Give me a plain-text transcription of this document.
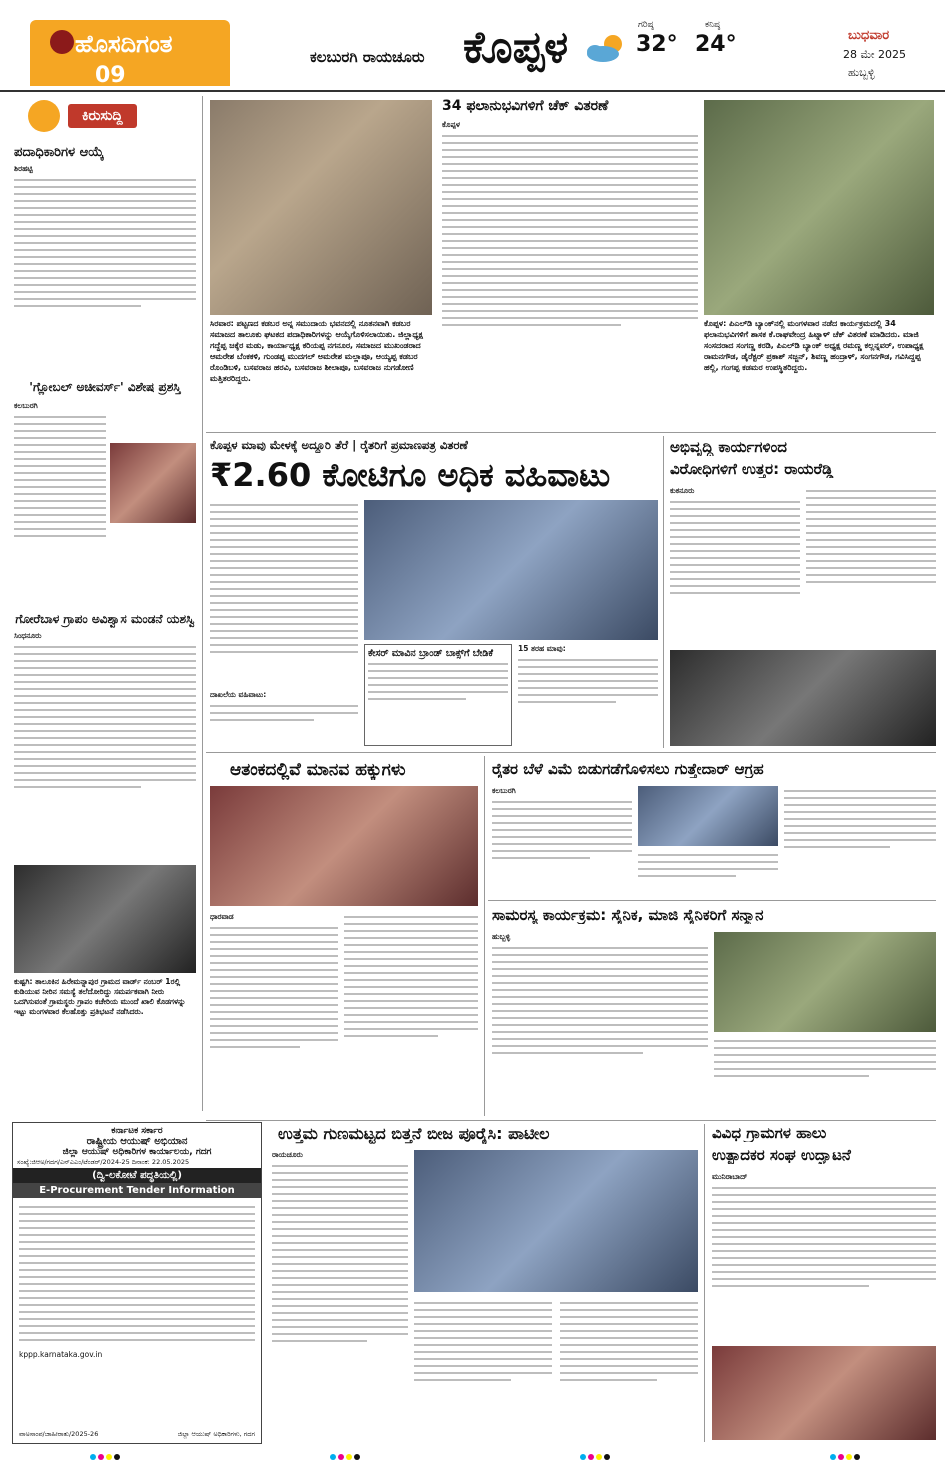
ಹೊಸದಿಗಂತ
09
ಕಲಬುರಗಿ ರಾಯಚೂರು ಕೊಪ್ಪಳ	ಗರಿಷ್ಠ
32°
ಕನಿಷ್ಠ
24°	ಬುಧವಾರ
28 ಮೇ 2025
ಹುಬ್ಬಳ್ಳಿ
ಕಿರುಸುದ್ದಿ
ಪದಾಧಿಕಾರಿಗಳ ಆಯ್ಕೆ
ಶಿರಹಟ್ಟಿ
'ಗ್ಲೋಬಲ್ ಅಚೀವರ್ಸ್' ವಿಶೇಷ ಪ್ರಶಸ್ತಿ
ಕಲಬುರಗಿ
ಗೋರೆಬಾಳ ಗ್ರಾಪಂ ಅವಿಶ್ವಾಸ ಮಂಡನೆ ಯಶಸ್ವಿ
ಸಿಂಧನೂರು
ಕುಷ್ಟಗಿ: ತಾಲೂಕಿನ ಹಿರೇಮನ್ನಾಪುರ ಗ್ರಾಮದ ವಾರ್ಡ್ ನಂಬರ್ 1ರಲ್ಲಿ ಕುಡಿಯುವ ನೀರಿನ ಸಮಸ್ಯೆ ತಲೆದೋರಿದ್ದು ಸಮರ್ಪಕವಾಗಿ ನೀರು ಒದಗಿಸುವಂತೆ ಗ್ರಾಮಸ್ಥರು ಗ್ರಾಪಂ ಕಚೇರಿಯ ಮುಂದೆ ಖಾಲಿ ಕೊಡಗಳನ್ನು ಇಟ್ಟು ಮಂಗಳವಾರ ಕೆಲಹೊತ್ತು ಪ್ರತಿಭಟನೆ ನಡೆಸಿದರು.
ಸಿರವಾರ: ಪಟ್ಟಣದ ಕಡಬರ ಅನ್ನ ಸಮುದಾಯ ಭವನದಲ್ಲಿ ನೂತನವಾಗಿ ಕಡಬರ ಸಮಾಜದ ತಾಲೂಕು ಘಟಕದ ಪದಾಧಿಕಾರಿಗಳನ್ನು ಆಯ್ಕೆಗೊಳಿಸಲಾಯಿತು. ಜಿಲ್ಲಾಧ್ಯಕ್ಷ ಗದ್ದೆಪ್ಪ ಜಕ್ಕೆರ ಮಡು, ಕಾರ್ಯಾಧ್ಯಕ್ಷ ಕರಿಯಪ್ಪ ನಗನೂರ, ಸಮಾಜದ ಮುಖಂಡರಾದ ಆಮರೇಶ ಬೆಂಕಕಳಿ, ಗುಂಡಪ್ಪ ಮುದಗಲ್ ಅಮರೇಶ ಮಲ್ಲಾಪೂ, ಆಯ್ಯಪ್ಪ ಕಡಬರ ರೊಂಡಿಬಳಿ, ಬಸವರಾಜ ಹರವಿ, ಬಸವರಾಜ ಶೀಲಾಪೂ, ಬಸವರಾಜ ನುಗಡೋಣಿ ಮತ್ತಿತರರಿದ್ದರು.
34 ಫಲಾನುಭವಿಗಳಿಗೆ ಚೆಕ್ ವಿತರಣೆ
ಕೊಪ್ಪಳ
ಕೊಪ್ಪಳ: ಪಿಎಲ್‌ಡಿ ಬ್ಯಾಂಕ್‌ನಲ್ಲಿ ಮಂಗಳವಾರ ನಡೆದ ಕಾರ್ಯಕ್ರಮದಲ್ಲಿ 34 ಫಲಾನುಭವಿಗಳಿಗೆ ಶಾಸಕ ಕೆ.ರಾಘವೇಂದ್ರ ಹಿಟ್ನಾಳ್ ಚೆಕ್ ವಿತರಣೆ ಮಾಡಿದರು. ಮಾಜಿ ಸಂಸದರಾದ ಸಂಗಣ್ಣ ಕರಡಿ, ಪಿಎಲ್‌ಡಿ ಬ್ಯಾಂಕ್ ಅಧ್ಯಕ್ಷ ರಮಣ್ಣ ಕಲ್ಲನ್ನವರ್, ಉಪಾಧ್ಯಕ್ಷ ರಾಮನಗೌಡ, ಡೈರೆಕ್ಟರ್ ಪ್ರಕಾಶ್ ಸಜ್ಜನ್, ಶಿವಣ್ಣ ಹಂದ್ರಾಳ್, ಸಂಗನಗೌಡ, ಗವಿಸಿದ್ದಪ್ಪ ಹಲ್ಲಿ, ಗಂಗಪ್ಪ ಕಡಮರ ಉಪಸ್ಥಿತರಿದ್ದರು.
ಕೊಪ್ಪಳ ಮಾವು ಮೇಳಕ್ಕೆ ಅದ್ದೂರಿ ತೆರೆ | ರೈತರಿಗೆ ಪ್ರಮಾಣಪತ್ರ ವಿತರಣೆ
₹2.60 ಕೋಟಿಗೂ ಅಧಿಕ ವಹಿವಾಟು
ಕೇಸರ್ ಮಾವಿನ ಬ್ರಾಂಡ್ ಬಾಕ್ಸ್‌ಗೆ ಬೇಡಿಕೆ	15 ತರಹ ಮಾವು:
ದಾಖಲೆಯ ವಹಿವಾಟು:
ಅಭಿವೃದ್ಧಿ ಕಾರ್ಯಗಳಿಂದ
ವಿರೋಧಿಗಳಿಗೆ ಉತ್ತರ: ರಾಯರೆಡ್ಡಿ
ಕುಕನೂರು
ಆತಂಕದಲ್ಲಿವೆ ಮಾನವ ಹಕ್ಕುಗಳು
ಧಾರವಾಡ
ರೈತರ ಬೆಳೆ ವಿಮೆ ಬಿಡುಗಡೆಗೊಳಿಸಲು ಗುತ್ತೇದಾರ್ ಆಗ್ರಹ
ಕಲಬುರಗಿ
ಸಾಮರಸ್ಯ ಕಾರ್ಯಕ್ರಮ: ಸೈನಿಕ, ಮಾಜಿ ಸೈನಿಕರಿಗೆ ಸನ್ಮಾನ
ಹುಬ್ಬಳ್ಳಿ
ಕರ್ನಾಟಕ ಸರ್ಕಾರ
ರಾಷ್ಟ್ರೀಯ ಆಯುಷ್ ಅಭಿಯಾನ
ಜಿಲ್ಲಾ ಆಯುಷ್ ಅಧಿಕಾರಿಗಳ ಕಾರ್ಯಾಲಯ, ಗದಗ
ಸಂಖ್ಯೆ:ಜಿಆಅ/ಗದಗ/ಎನ್‌ಎಎಂ/ಟೆಂಡರ್/2024-25 ದಿನಾಂಕ: 22.05.2025
(ದ್ವಿ-ಲಕೋಟೆ ಪದ್ಧತಿಯಲ್ಲಿ)
E-Procurement Tender Information
kppp.karnataka.gov.in
ವಾಅಸಾಂಪ/ಜಾಹೀರಾತು/2025-26	ಜಿಲ್ಲಾ ಆಯುಷ್ ಅಧಿಕಾರಿಗಳು, ಗದಗ
ಉತ್ತಮ ಗುಣಮಟ್ಟದ ಬಿತ್ತನೆ ಬೀಜ ಪೂರೈಸಿ: ಪಾಟೀಲ
ರಾಯಚೂರು
ವಿವಿಧ ಗ್ರಾಮಗಳ ಹಾಲು
ಉತ್ಪಾದಕರ ಸಂಘ ಉದ್ಘಾಟನೆ
ಮುನಿರಾಬಾದ್
